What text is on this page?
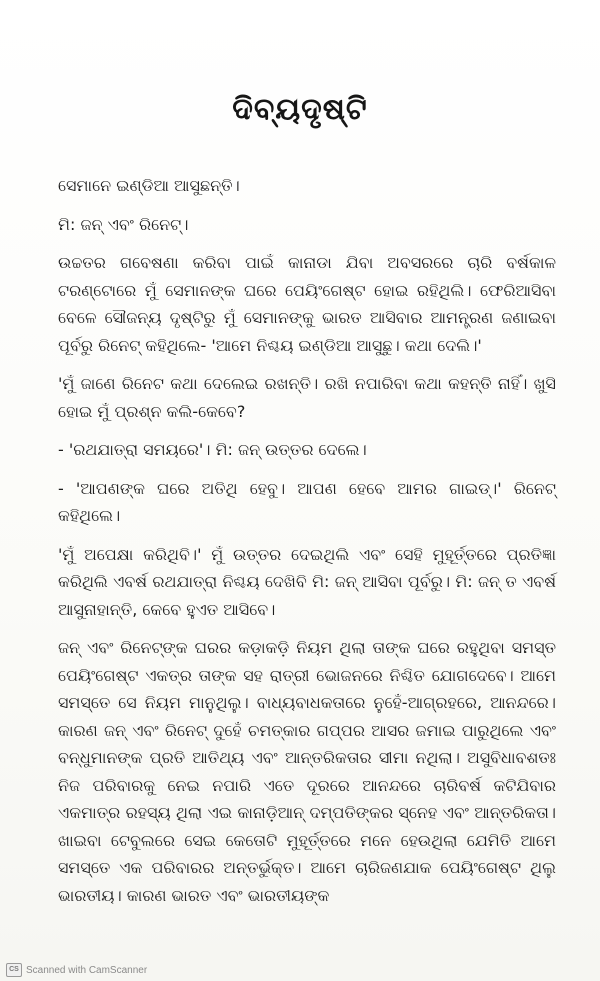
ଦିବ୍ୟଦୃଷ୍ଟି

ସେମାନେ ଇଣ୍ଡିଆ ଆସୁଛନ୍ତି।

ମି: ଜନ୍ ଏବଂ ରିନେଟ୍।

ଉଚ୍ଚତର ଗବେଷଣା କରିବା ପାଇଁ କାନାଡା ଯିବା ଅବସରରେ ଚାରି ବର୍ଷକାଳ ଟରଣ୍ଟୋରେ ମୁଁ ସେମାନଙ୍କ ଘରେ ପେୟିଂଗେଷ୍ଟ ହୋଇ ରହିଥିଲି। ଫେରିଆସିବା ବେଳେ ସୌଜନ୍ୟ ଦୃଷ୍ଟିରୁ ମୁଁ ସେମାନଙ୍କୁ ଭାରତ ଆସିବାର ଆମନ୍ତ୍ରଣ ଜଣାଇବା ପୂର୍ବରୁ ରିନେଟ୍ କହିଥିଲେ- 'ଆମେ ନିଶ୍ଚୟ ଇଣ୍ଡିଆ ଆସୁଛୁ। କଥା ଦେଲି।'

'ମୁଁ ଜାଣେ ରିନେଟ କଥା ଦେଲେଇ ରଖନ୍ତି। ରଖି ନପାରିବା କଥା କହନ୍ତି ନାହିଁ। ଖୁସି ହୋଇ ମୁଁ ପ୍ରଶ୍ନ କଲି-କେବେ?

- 'ରଥଯାତ୍ରା ସମୟରେ'। ମି: ଜନ୍ ଉତ୍ତର ଦେଲେ।

- 'ଆପଣଙ୍କ ଘରେ ଅତିଥି ହେବୁ। ଆପଣ ହେବେ ଆମର ଗାଇଡ୍।' ରିନେଟ୍ କହିଥିଲେ।

'ମୁଁ ଅପେକ୍ଷା କରିଥିବି।' ମୁଁ ଉତ୍ତର ଦେଇଥିଲି ଏବଂ ସେହି ମୁହୂର୍ତ୍ତରେ ପ୍ରତିଜ୍ଞା କରିଥିଲି ଏବର୍ଷ ରଥଯାତ୍ରା ନିଶ୍ଚୟ ଦେଖିବି ମି: ଜନ୍ ଆସିବା ପୂର୍ବରୁ। ମି: ଜନ୍ ତ ଏବର୍ଷ ଆସୁନାହାନ୍ତି, କେବେ ହୁଏତ ଆସିବେ।

ଜନ୍ ଏବଂ ରିନେଟ୍‌ଙ୍କ ଘରର କଡ଼ାକଡ଼ି ନିୟମ ଥିଲା ତାଙ୍କ ଘରେ ରହୁଥିବା ସମସ୍ତ ପେୟିଂଗେଷ୍ଟ ଏକତ୍ର ତାଙ୍କ ସହ ରାତ୍ରୀ ଭୋଜନରେ ନିଶ୍ଚିତ ଯୋଗଦେବେ। ଆମେ ସମସ୍ତେ ସେ ନିୟମ ମାନୁଥିଲୁ। ବାଧ୍ୟବାଧକତାରେ ନୁହେଁ-ଆଗ୍ରହରେ, ଆନନ୍ଦରେ। କାରଣ ଜନ୍ ଏବଂ ରିନେଟ୍ ଦୁହେଁ ଚମତ୍କାର ଗପ୍ପର ଆସର ଜମାଇ ପାରୁଥିଲେ ଏବଂ ବନ୍ଧୁମାନଙ୍କ ପ୍ରତି ଆତିଥ୍ୟ ଏବଂ ଆନ୍ତରିକତାର ସୀମା ନଥିଲା। ଅସୁବିଧାବଶତଃ ନିଜ ପରିବାରକୁ ନେଇ ନପାରି ଏତେ ଦୂରରେ ଆନନ୍ଦରେ ଚାରିବର୍ଷ କଟିଯିବାର ଏକମାତ୍ର ରହସ୍ୟ ଥିଲା ଏଇ କାନାଡ଼ିଆନ୍ ଦମ୍ପତିଙ୍କର ସ୍ନେହ ଏବଂ ଆନ୍ତରିକତା। ଖାଇବା ଟେବୁଲରେ ସେଇ କେତୋଟି ମୁହୂର୍ତ୍ତରେ ମନେ ହେଉଥିଲା ଯେମିତି ଆମେ ସମସ୍ତେ ଏକ ପରିବାରର ଅନ୍ତର୍ଭୁକ୍ତ। ଆମେ ଚାରିଜଣଯାକ ପେୟିଂଗେଷ୍ଟ ଥିଲୁ ଭାରତୀୟ। କାରଣ ଭାରତ ଏବଂ ଭାରତୀୟଙ୍କ

CS Scanned with CamScanner
